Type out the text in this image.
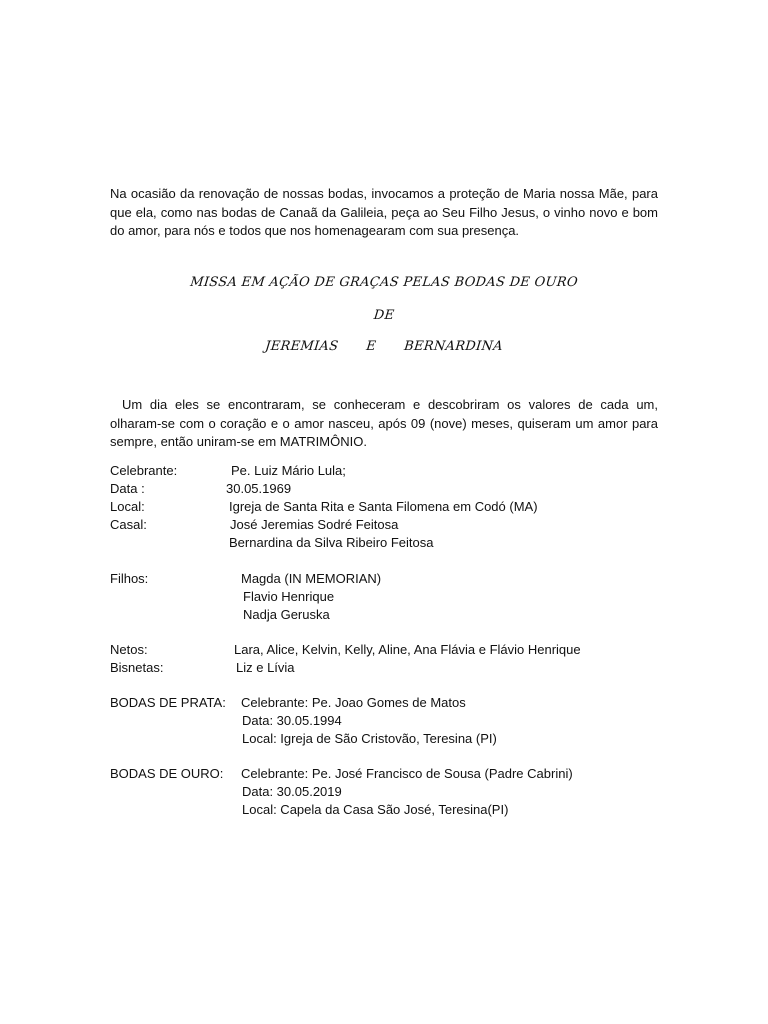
Na ocasião da renovação de nossas bodas, invocamos a proteção de Maria nossa Mãe, para que ela, como nas bodas de Canaã da Galileia, peça ao Seu Filho Jesus, o vinho novo e bom do amor, para nós e todos que nos homenagearam com sua presença.

MISSA EM AÇÃO DE GRAÇAS PELAS BODAS DE OURO

DE

JEREMIAS E BERNARDINA

Um dia eles se encontraram, se conheceram e descobriram os valores de cada um, olharam-se com o coração e o amor nasceu, após 09 (nove) meses, quiseram um amor para sempre, então uniram-se em MATRIMÔNIO.

Celebrante:	Pe. Luiz Mário Lula;
Data :	30.05.1969
Local:	Igreja de Santa Rita e Santa Filomena em Codó (MA)
Casal:	José Jeremias Sodré Feitosa
Bernardina da Silva Ribeiro Feitosa
Filhos:	Magda (IN MEMORIAN)
Flavio Henrique
Nadja Geruska
Netos:	Lara, Alice, Kelvin, Kelly, Aline, Ana Flávia e Flávio Henrique
Bisnetas:	Liz e Lívia
BODAS DE PRATA: Celebrante: Pe. Joao Gomes de Matos
Data: 30.05.1994
Local: Igreja de São Cristovão, Teresina (PI)
BODAS DE OURO: Celebrante: Pe. José Francisco de Sousa (Padre Cabrini)
Data: 30.05.2019
Local: Capela da Casa São José, Teresina(PI)
